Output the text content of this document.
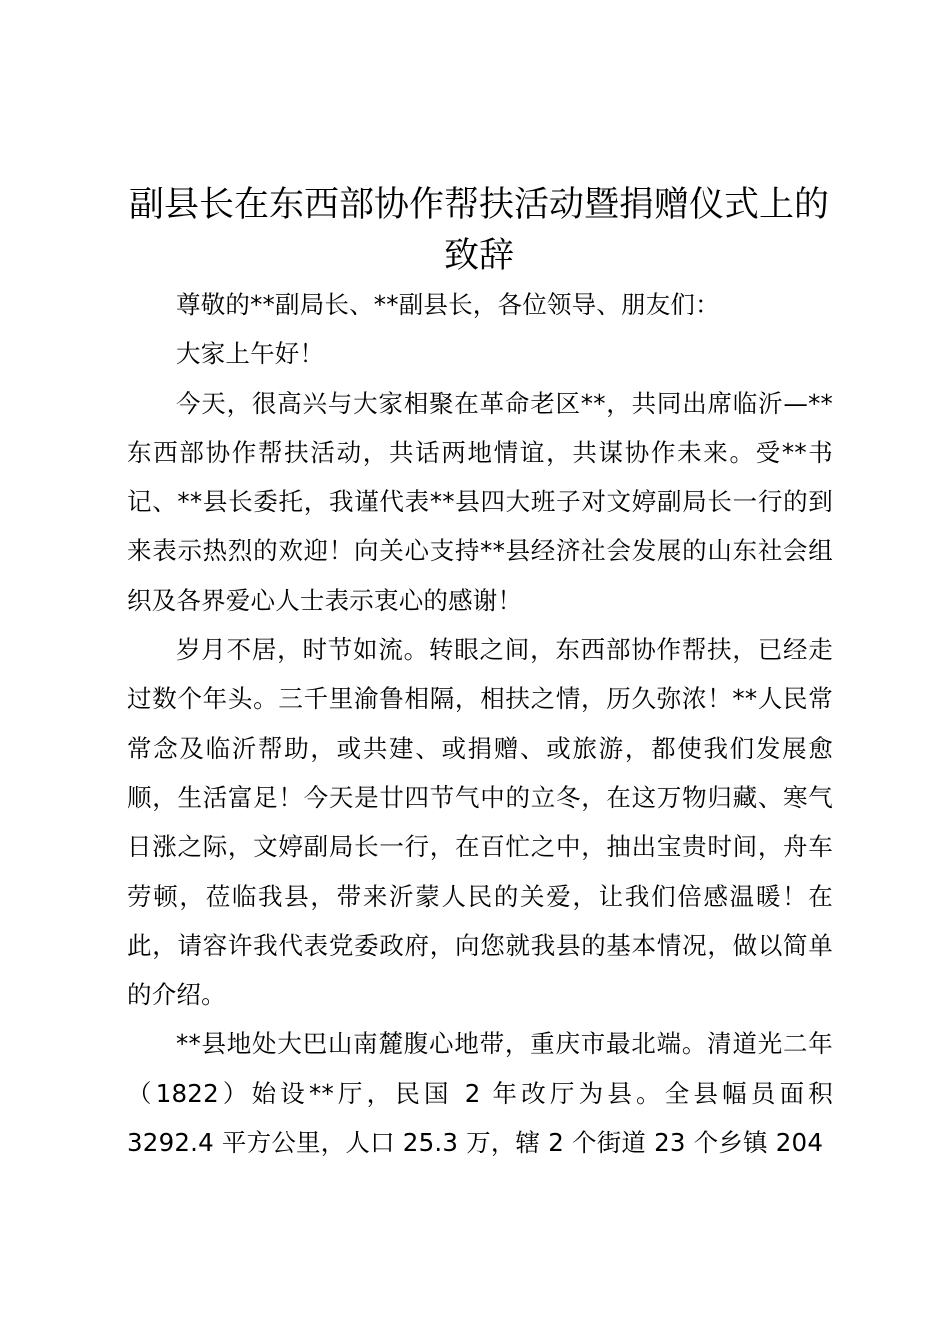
副县长在东西部协作帮扶活动暨捐赠仪式上的致辞

尊敬的**副局长、**副县长，各位领导、朋友们：

大家上午好！

今天，很高兴与大家相聚在革命老区**，共同出席临沂—**东西部协作帮扶活动，共话两地情谊，共谋协作未来。受**书记、**县长委托，我谨代表**县四大班子对文婷副局长一行的到来表示热烈的欢迎！向关心支持**县经济社会发展的山东社会组织及各界爱心人士表示衷心的感谢！

岁月不居，时节如流。转眼之间，东西部协作帮扶，已经走过数个年头。三千里渝鲁相隔，相扶之情，历久弥浓！**人民常常念及临沂帮助，或共建、或捐赠、或旅游，都使我们发展愈顺，生活富足！今天是廿四节气中的立冬，在这万物归藏、寒气日涨之际，文婷副局长一行，在百忙之中，抽出宝贵时间，舟车劳顿，莅临我县，带来沂蒙人民的关爱，让我们倍感温暖！在此，请容许我代表党委政府，向您就我县的基本情况，做以简单的介绍。

**县地处大巴山南麓腹心地带，重庆市最北端。清道光二年（1822）始设**厅，民国 2 年改厅为县。全县幅员面积 3292.4 平方公里，人口 25.3 万，辖 2 个街道 23 个乡镇 204
